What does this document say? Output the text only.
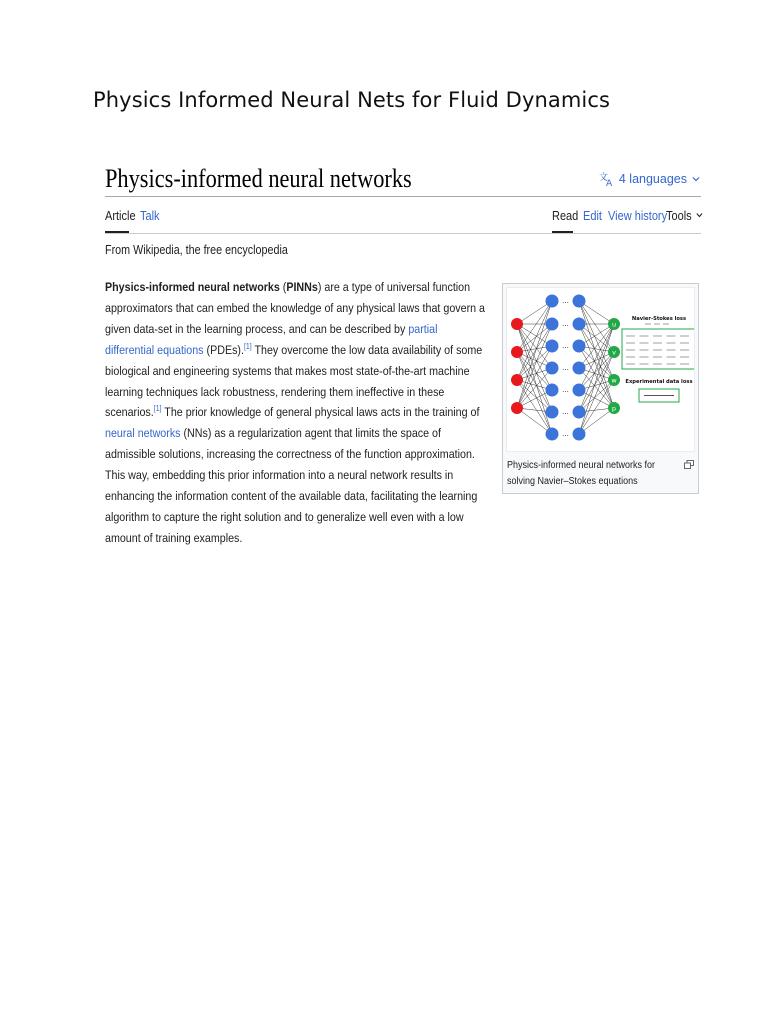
Physics Informed Neural Nets for Fluid Dynamics
Physics-informed neural networks	文
A 4 languages
Article Talk	Read Edit View history
Tools
From Wikipedia, the free encyclopedia
Physics-informed neural networks (PINNs) are a type of universal function approximators that can embed the knowledge of any physical laws that govern a given data-set in the learning process, and can be described by partial differential equations (PDEs).[1] They overcome the low data availability of some biological and engineering systems that makes most state-of-the-art machine learning techniques lack robustness, rendering them ineffective in these scenarios.[1] The prior knowledge of general physical laws acts in the training of neural networks (NNs) as a regularization agent that limits the space of admissible solutions, increasing the correctness of the function approximation. This way, embedding this prior information into a neural network results in enhancing the information content of the available data, facilitating the learning algorithm to capture the right solution and to generalize well even with a low amount of training examples.
u
v
w
p
...
...
...
...
...
...
...
Navier-Stokes loss
Experimental data loss
Physics-informed neural networks for solving Navier–Stokes equations
